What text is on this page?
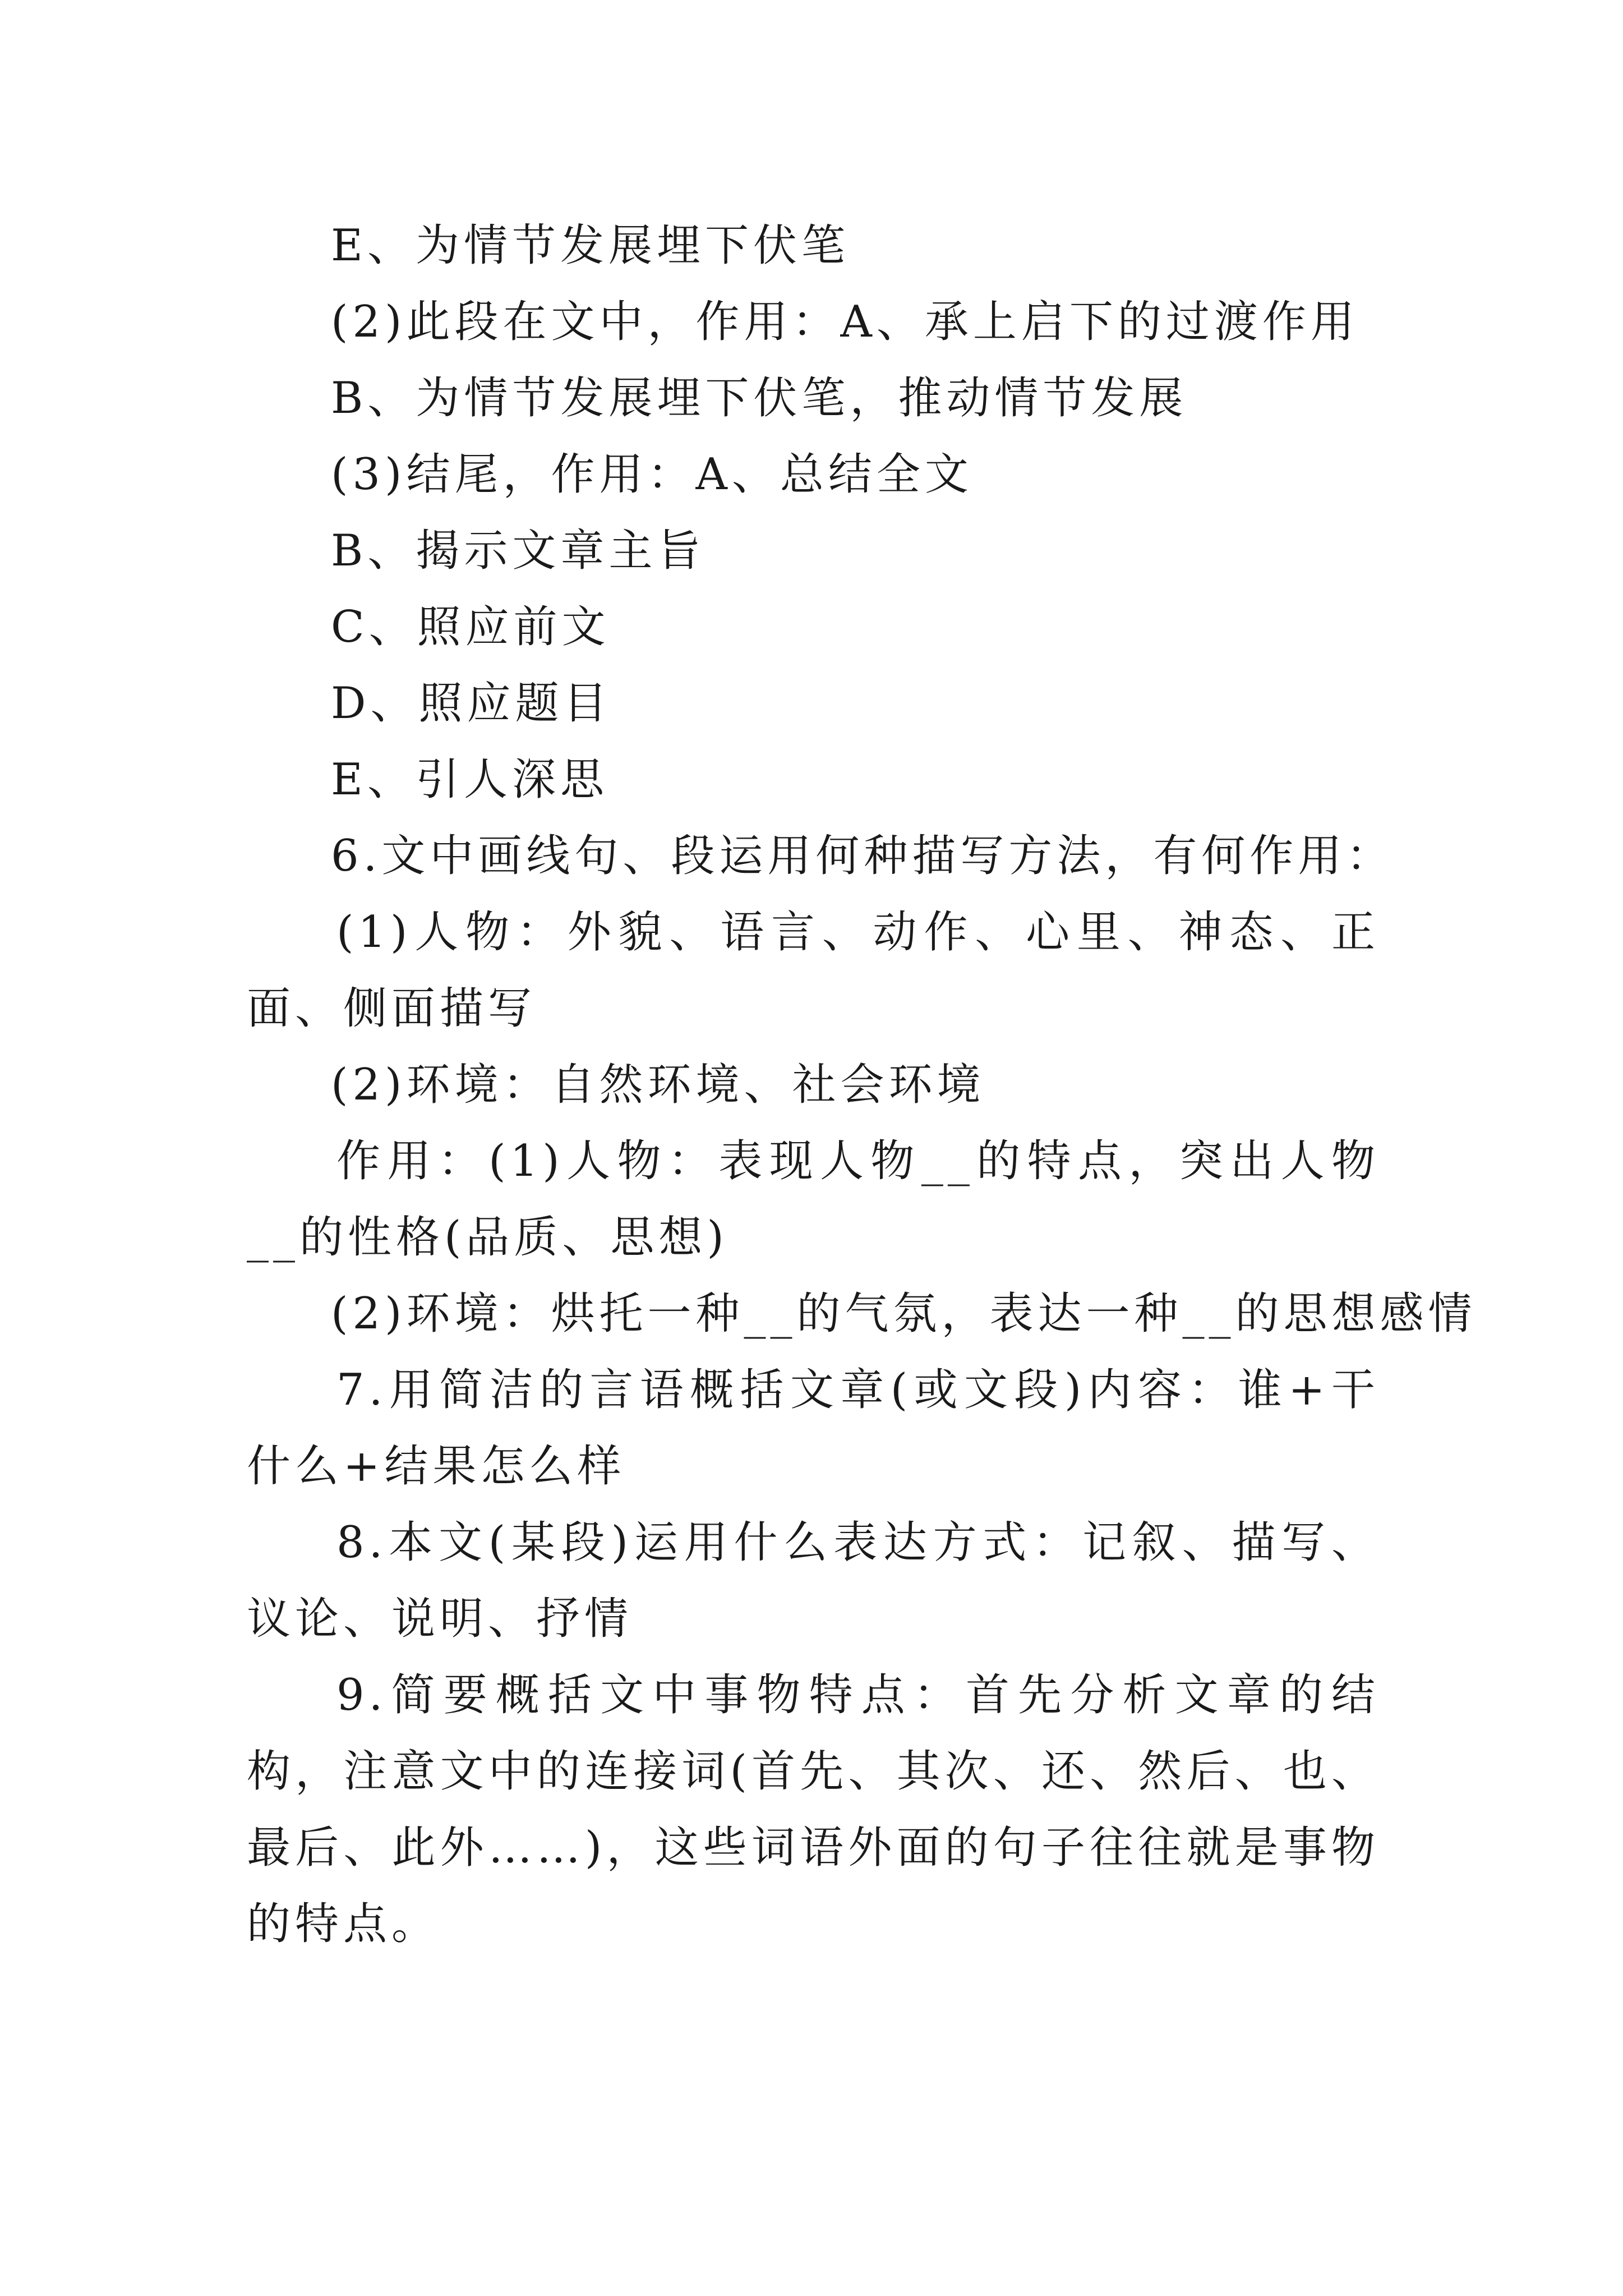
E、为情节发展埋下伏笔
(2)此段在文中，作用：A、承上启下的过渡作用
B、为情节发展埋下伏笔，推动情节发展
(3)结尾，作用：A、总结全文
B、揭示文章主旨
C、照应前文
D、照应题目
E、引人深思
6.文中画线句、段运用何种描写方法，有何作用：
(1)人物：外貌、语言、动作、心里、神态、正面、侧面描写
(2)环境：自然环境、社会环境
作用：(1)人物：表现人物__的特点，突出人物__的性格(品质、思想)
(2)环境：烘托一种__的气氛，表达一种__的思想感情
7.用简洁的言语概括文章(或文段)内容：谁+干什么+结果怎么样
8.本文(某段)运用什么表达方式：记叙、描写、议论、说明、抒情
9.简要概括文中事物特点：首先分析文章的结构，注意文中的连接词(首先、其次、还、然后、也、最后、此外……)，这些词语外面的句子往往就是事物的特点。
